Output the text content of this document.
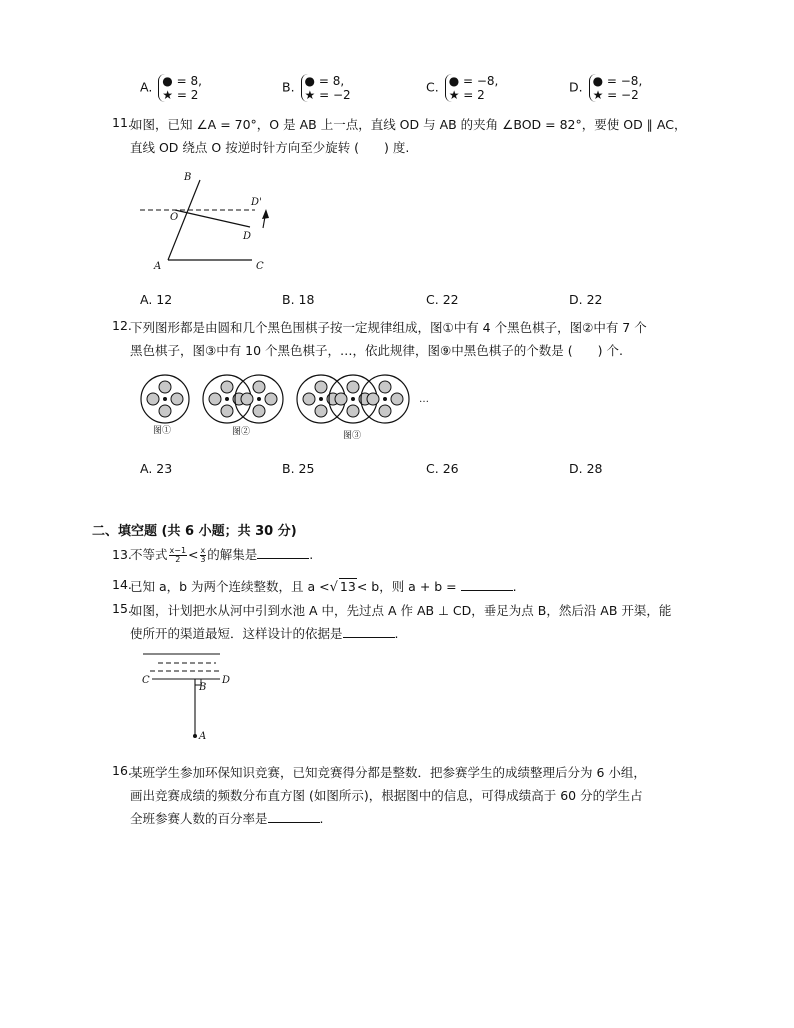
A. ● = 8,
★ = 2
B. ● = 8,
★ = −2
C. ● = −8,
★ = 2
D. ● = −8,
★ = −2
11.
如图，已知 ∠A = 70°，O 是 AB 上一点，直线 OD 与 AB 的夹角 ∠BOD = 82°，要使 OD ∥ AC，
直线 OD 绕点 O 按逆时针方向至少旋转 (　　) 度.
B
O
D
D'
A	C
A. 12	B. 18	C. 22	D. 22
12.
下列图形都是由圆和几个黑色围棋子按一定规律组成，图①中有 4 个黑色棋子，图②中有 7 个
黑色棋子，图③中有 10 个黑色棋子，…，依此规律，图⑨中黑色棋子的个数是 (　　) 个.
…
图①	图②	图③
A. 23	B. 25	C. 26	D. 28
二、填空题 (共 6 小题；共 30 分)
13.
不等式 $\frac{x-1}{2} < \frac{x}{3}$ 的解集是	.
14.
已知 a，b 为两个连续整数，且 a <√ 13< b，则 a + b =	.
15.
如图，计划把水从河中引到水池 A 中，先过点 A 作 AB ⊥ CD，垂足为点 B，然后沿 AB 开渠，能
使所开的渠道最短．这样设计的依据是	.
C
B
D
A
16.
某班学生参加环保知识竞赛，已知竞赛得分都是整数．把参赛学生的成绩整理后分为 6 小组，
画出竞赛成绩的频数分布直方图 (如图所示)，根据图中的信息，可得成绩高于 60 分的学生占
全班参赛人数的百分率是	.
